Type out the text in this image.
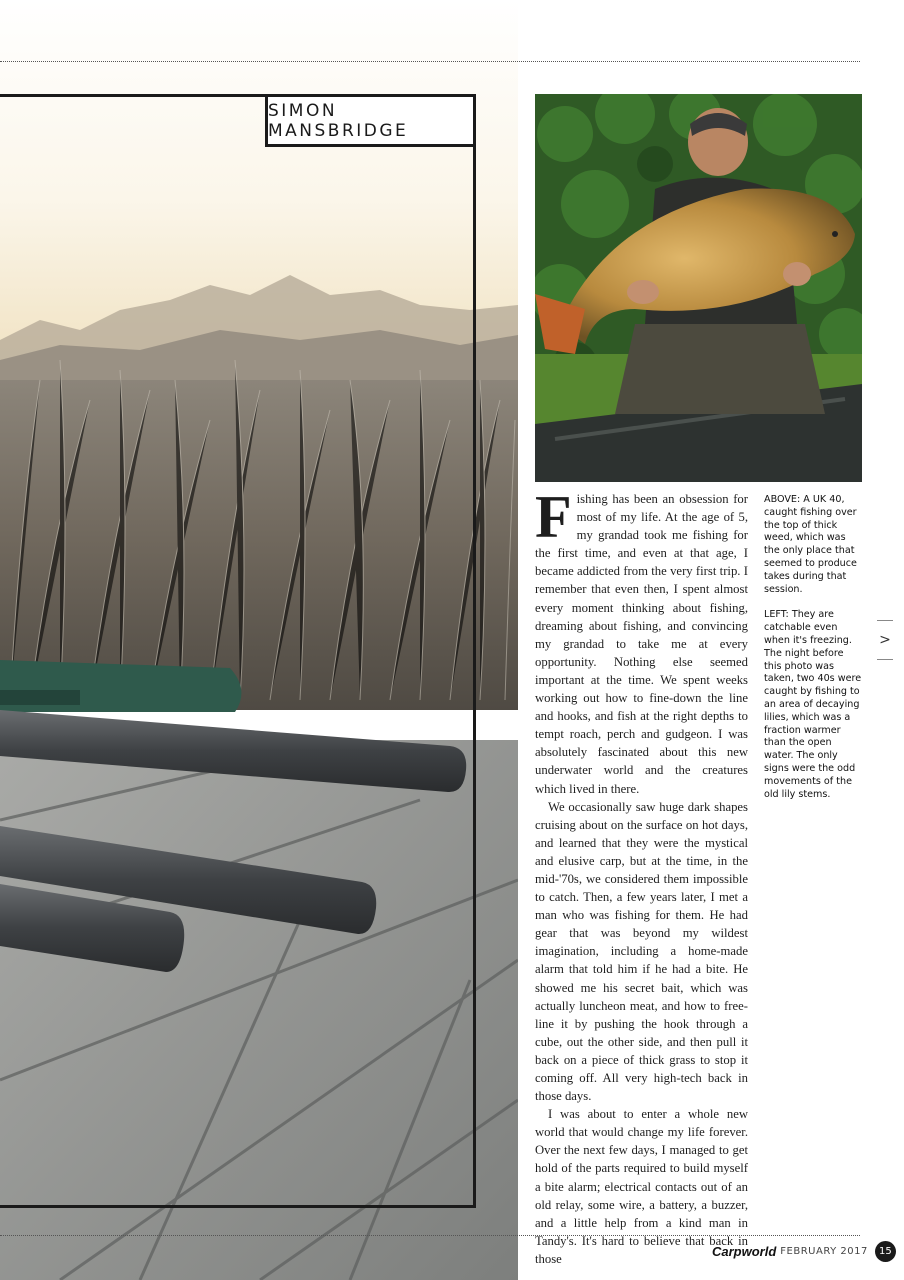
SIMON MANSBRIDGE

Fishing has been an obsession for most of my life. At the age of 5, my grandad took me fishing for the first time, and even at that age, I became addicted from the very first trip. I remember that even then, I spent almost every moment thinking about fishing, dreaming about fishing, and convincing my grandad to take me at every opportunity. Nothing else seemed important at the time. We spent weeks working out how to fine-down the line and hooks, and fish at the right depths to tempt roach, perch and gudgeon. I was absolutely fascinated about this new underwater world and the creatures which lived in there.

We occasionally saw huge dark shapes cruising about on the surface on hot days, and learned that they were the mystical and elusive carp, but at the time, in the mid-'70s, we considered them impossible to catch. Then, a few years later, I met a man who was fishing for them. He had gear that was beyond my wildest imagination, including a home-made alarm that told him if he had a bite. He showed me his secret bait, which was actually luncheon meat, and how to free-line it by pushing the hook through a cube, out the other side, and then pull it back on a piece of thick grass to stop it coming off. All very high-tech back in those days.

I was about to enter a whole new world that would change my life forever. Over the next few days, I managed to get hold of the parts required to build myself a bite alarm; electrical contacts out of an old relay, some wire, a battery, a buzzer, and a little help from a kind man in Tandy's. It's hard to believe that back in those

ABOVE: A UK 40, caught fishing over the top of thick weed, which was the only place that seemed to produce takes during that session.

LEFT: They are catchable even when it's freezing. The night before this photo was taken, two 40s were caught by fishing to an area of decaying lilies, which was a fraction warmer than the open water. The only signs were the odd movements of the old lily stems.

>
Carpworld FEBRUARY 2017	15
